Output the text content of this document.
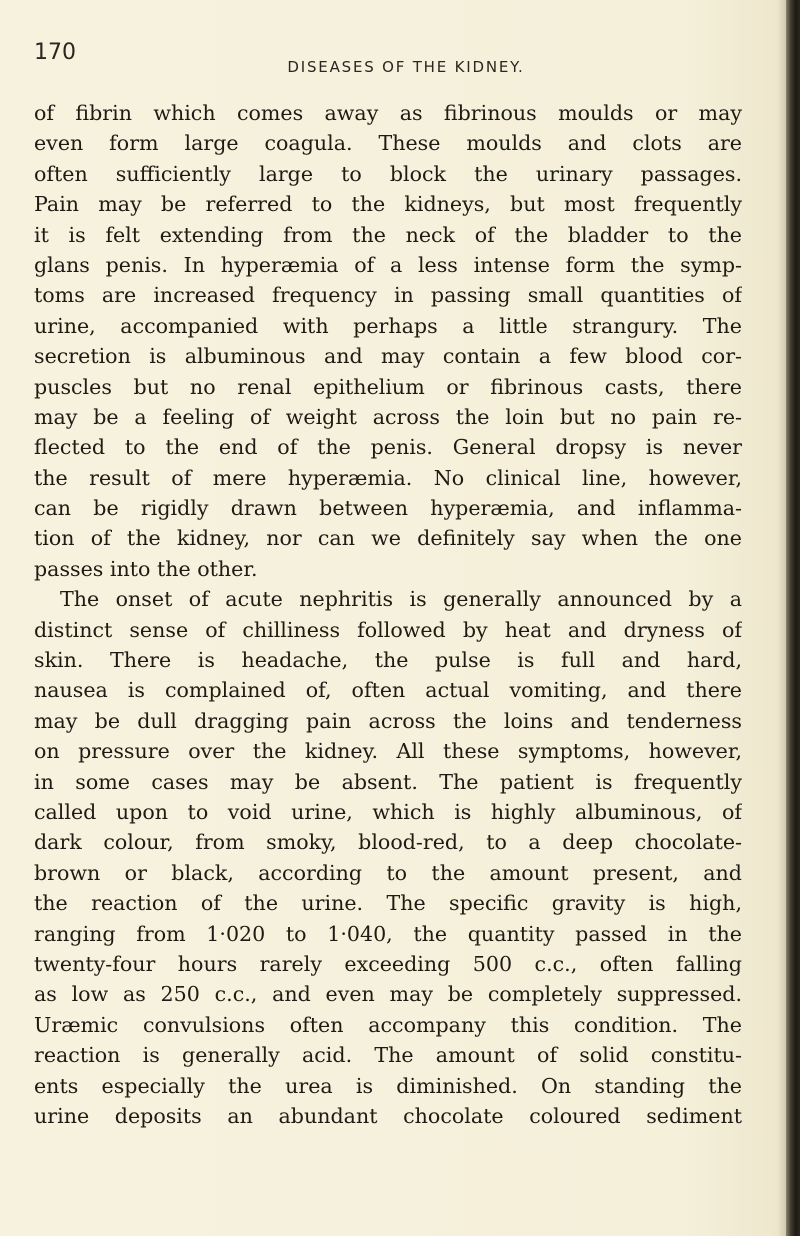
170
DISEASES OF THE KIDNEY.
of fibrin which comes away as fibrinous moulds or may
even form large coagula. These moulds and clots are
often sufficiently large to block the urinary passages.
Pain may be referred to the kidneys, but most frequently
it is felt extending from the neck of the bladder to the
glans penis. In hyperæmia of a less intense form the symp-
toms are increased frequency in passing small quantities of
urine, accompanied with perhaps a little strangury. The
secretion is albuminous and may contain a few blood cor-
puscles but no renal epithelium or fibrinous casts, there
may be a feeling of weight across the loin but no pain re-
flected to the end of the penis. General dropsy is never
the result of mere hyperæmia. No clinical line, however,
can be rigidly drawn between hyperæmia, and inflamma-
tion of the kidney, nor can we definitely say when the one
passes into the other.
The onset of acute nephritis is generally announced by a
distinct sense of chilliness followed by heat and dryness of
skin. There is headache, the pulse is full and hard,
nausea is complained of, often actual vomiting, and there
may be dull dragging pain across the loins and tenderness
on pressure over the kidney. All these symptoms, however,
in some cases may be absent. The patient is frequently
called upon to void urine, which is highly albuminous, of
dark colour, from smoky, blood-red, to a deep chocolate-
brown or black, according to the amount present, and
the reaction of the urine. The specific gravity is high,
ranging from 1·020 to 1·040, the quantity passed in the
twenty-four hours rarely exceeding 500 c.c., often falling
as low as 250 c.c., and even may be completely suppressed.
Uræmic convulsions often accompany this condition. The
reaction is generally acid. The amount of solid constitu-
ents especially the urea is diminished. On standing the
urine deposits an abundant chocolate coloured sediment
